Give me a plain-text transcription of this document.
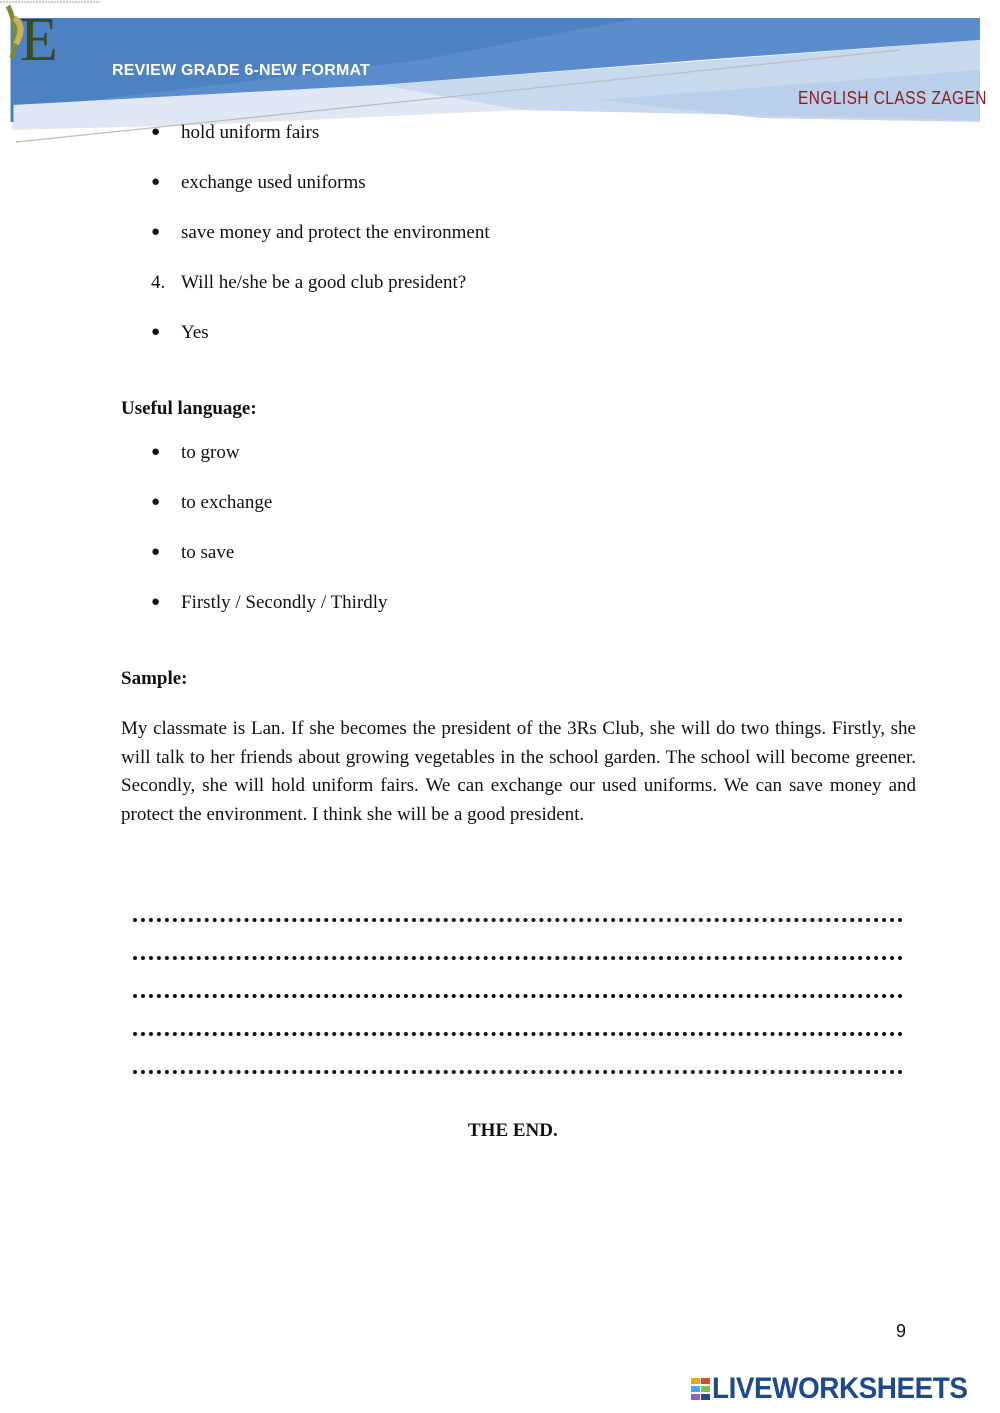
REVIEW GRADE 6-NEW FORMAT
E
ENGLISH CLASS ZAGEN
●	hold uniform fairs
●	exchange used uniforms
●	save money and protect the environment
4. Will he/she be a good club president?
●	Yes
Useful language:
●	to grow
●	to exchange
●	to save
●	Firstly / Secondly / Thirdly
Sample:
My classmate is Lan. If she becomes the president of the 3Rs Club, she will do two things. Firstly, she will talk to her friends about growing vegetables in the school garden. The school will become greener. Secondly, she will hold uniform fairs. We can exchange our used uniforms. We can save money and protect the environment. I think she will be a good president.
THE END.
9
LIVEWORKSHEETS
